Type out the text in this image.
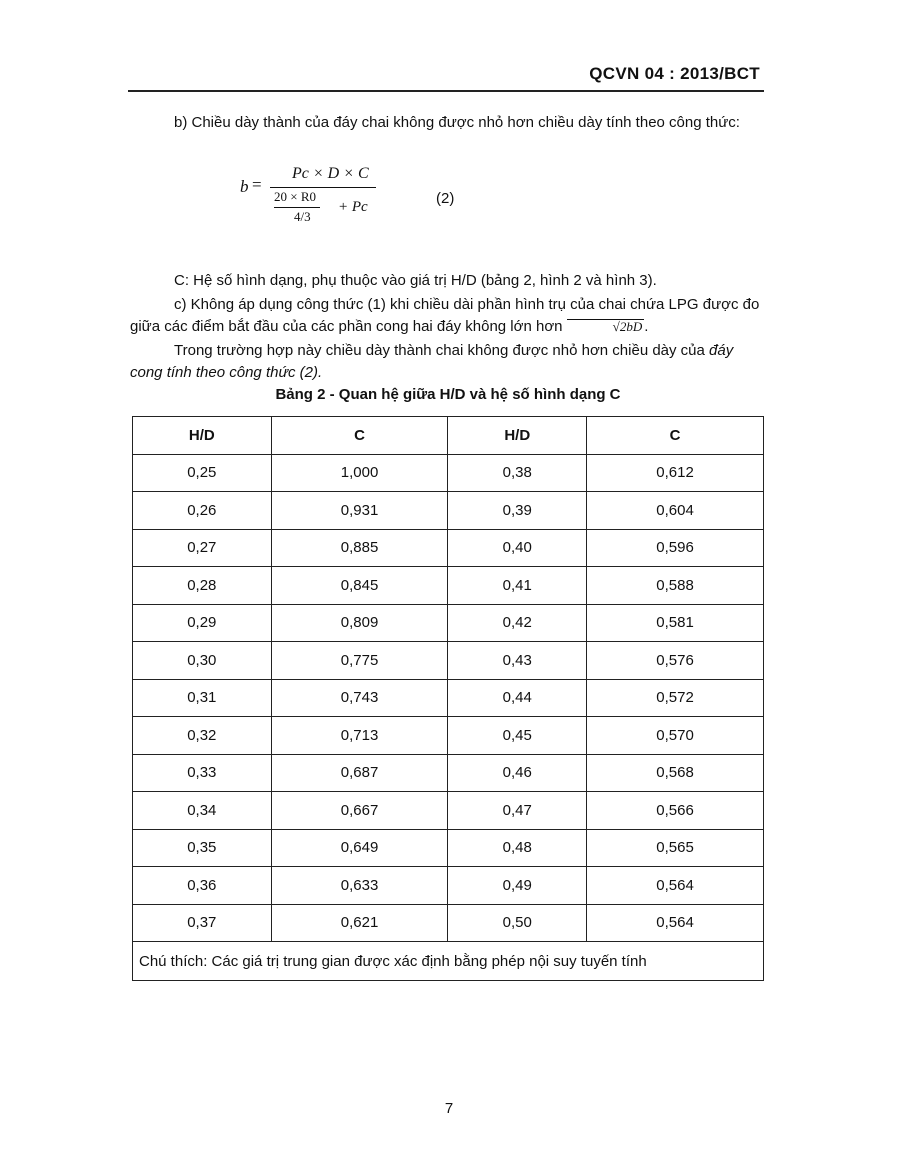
QCVN 04 : 2013/BCT
b) Chiều dày thành của đáy chai không được nhỏ hơn chiều dày tính theo công thức:
b =
Pc × D × C
20 × R0
4/3
+ Pc	(2)
C: Hệ số hình dạng, phụ thuộc vào giá trị H/D (bảng 2, hình 2 và hình 3).
c) Không áp dụng công thức (1) khi chiều dài phần hình trụ của chai chứa LPG được đo giữa các điểm bắt đầu của các phần cong hai đáy không lớn hơn	√2bD .
Trong trường hợp này chiều dày thành chai không được nhỏ hơn chiều dày của đáy cong tính theo công thức (2).
Bảng 2 - Quan hệ giữa H/D và hệ số hình dạng C
H/D	C	H/D	C
0,25	1,000	0,38	0,612
0,26	0,931	0,39	0,604
0,27	0,885	0,40	0,596
0,28	0,845	0,41	0,588
0,29	0,809	0,42	0,581
0,30	0,775	0,43	0,576
0,31	0,743	0,44	0,572
0,32	0,713	0,45	0,570
0,33	0,687	0,46	0,568
0,34	0,667	0,47	0,566
0,35	0,649	0,48	0,565
0,36	0,633	0,49	0,564
0,37	0,621	0,50	0,564
Chú thích: Các giá trị trung gian được xác định bằng phép nội suy tuyến tính			
7
